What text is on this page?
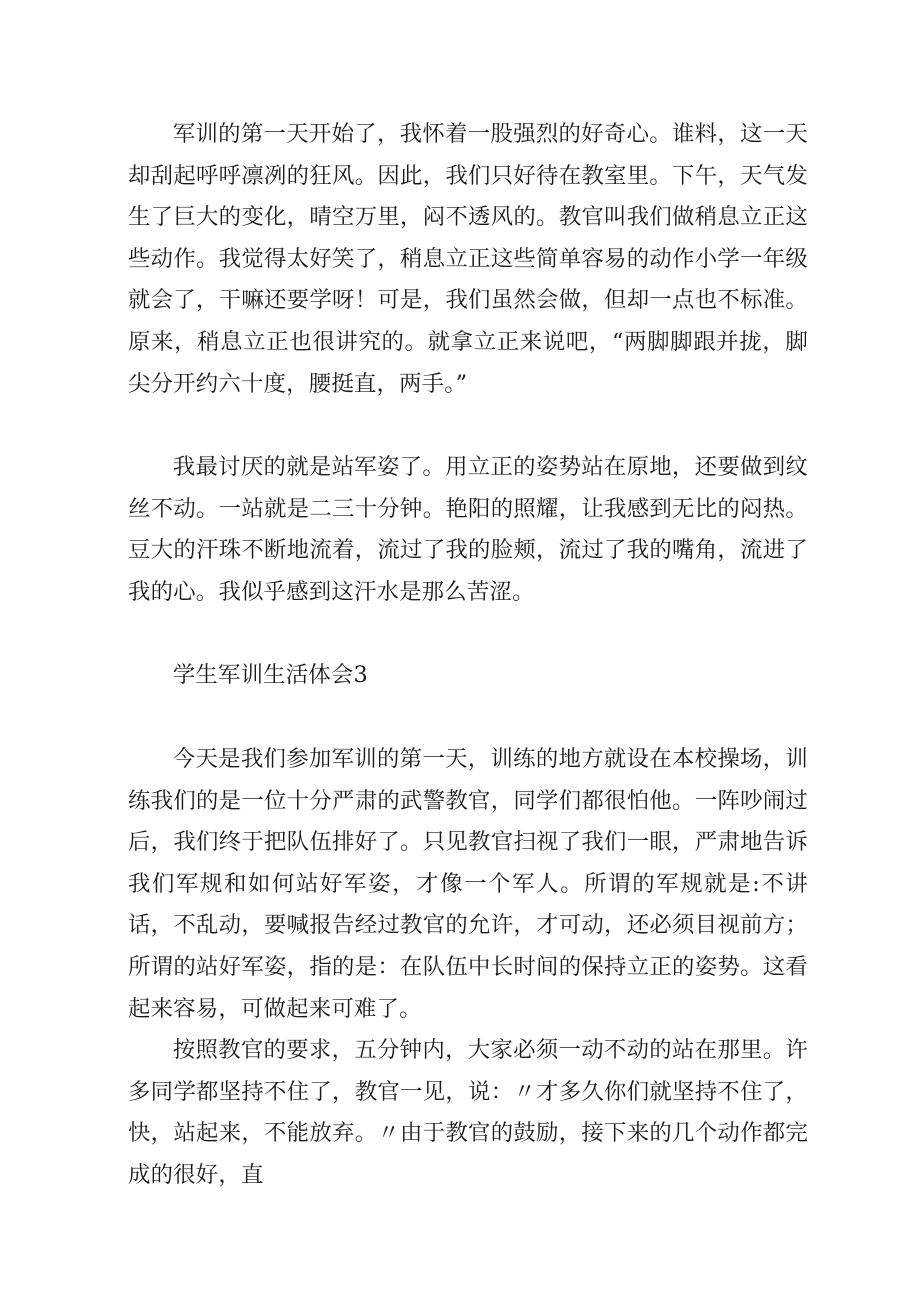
军训的第一天开始了，我怀着一股强烈的好奇心。谁料，这一天却刮起呼呼凛冽的狂风。因此，我们只好待在教室里。下午，天气发生了巨大的变化，晴空万里，闷不透风的。教官叫我们做稍息立正这些动作。我觉得太好笑了，稍息立正这些简单容易的动作小学一年级就会了，干嘛还要学呀！可是，我们虽然会做，但却一点也不标准。原来，稍息立正也很讲究的。就拿立正来说吧，“两脚脚跟并拢，脚尖分开约六十度，腰挺直，两手。”

我最讨厌的就是站军姿了。用立正的姿势站在原地，还要做到纹丝不动。一站就是二三十分钟。艳阳的照耀，让我感到无比的闷热。豆大的汗珠不断地流着，流过了我的脸颊，流过了我的嘴角，流进了我的心。我似乎感到这汗水是那么苦涩。

学生军训生活体会3

今天是我们参加军训的第一天，训练的地方就设在本校操场，训练我们的是一位十分严肃的武警教官，同学们都很怕他。一阵吵闹过后，我们终于把队伍排好了。只见教官扫视了我们一眼，严肃地告诉我们军规和如何站好军姿，才像一个军人。所谓的军规就是:不讲话，不乱动，要喊报告经过教官的允许，才可动，还必须目视前方；所谓的站好军姿，指的是：在队伍中长时间的保持立正的姿势。这看起来容易，可做起来可难了。

按照教官的要求，五分钟内，大家必须一动不动的站在那里。许多同学都坚持不住了，教官一见，说：〃才多久你们就坚持不住了，快，站起来，不能放弃。〃由于教官的鼓励，接下来的几个动作都完成的很好，直
